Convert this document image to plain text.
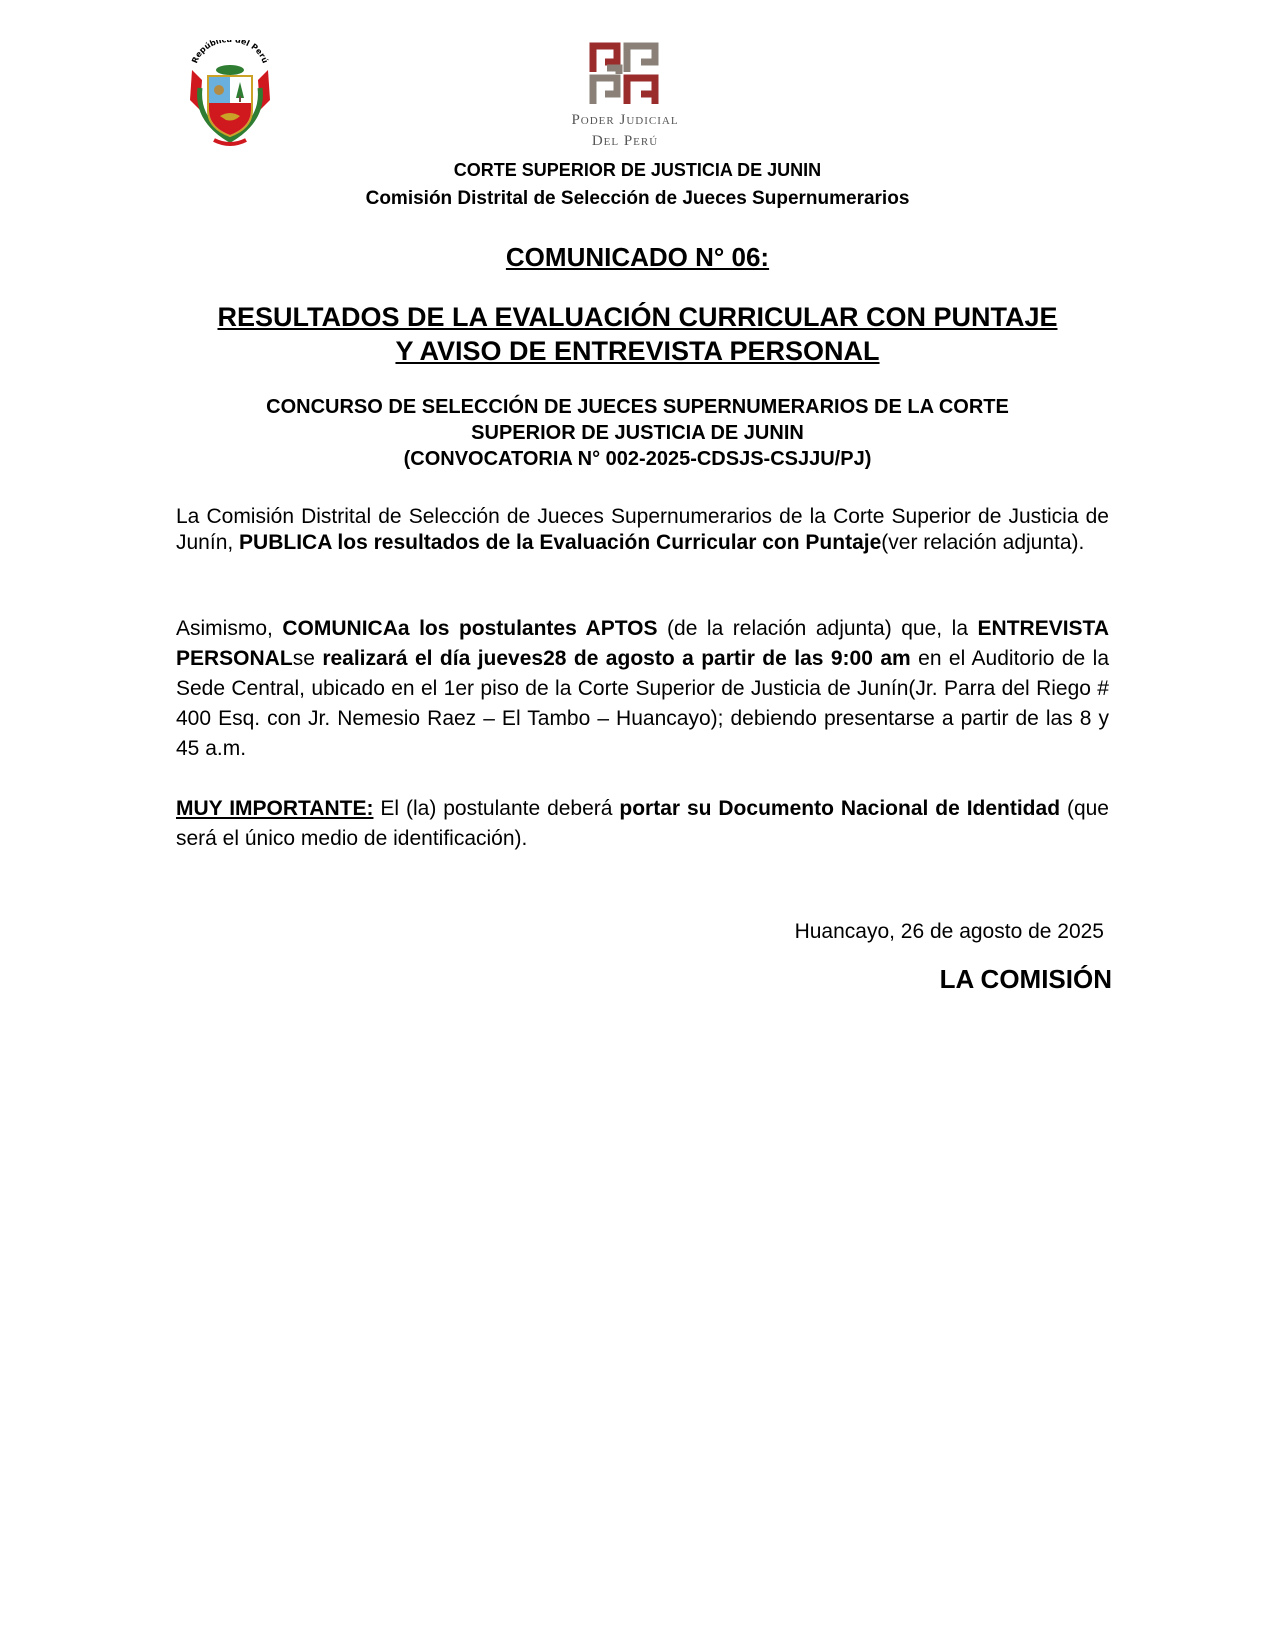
Repúbli del Perú
Poder Judicial
Del Perú
CORTE SUPERIOR DE JUSTICIA DE JUNIN
Comisión Distrital de Selección de Jueces Supernumerarios
COMUNICADO N° 06:
RESULTADOS DE LA EVALUACIÓN CURRICULAR CON PUNTAJE
Y AVISO DE ENTREVISTA PERSONAL
CONCURSO DE SELECCIÓN DE JUECES SUPERNUMERARIOS DE LA CORTE
SUPERIOR DE JUSTICIA DE JUNIN
(CONVOCATORIA N° 002-2025-CDSJS-CSJJU/PJ)
La Comisión Distrital de Selección de Jueces Supernumerarios de la Corte Superior de Justicia de Junín, PUBLICA los resultados de la Evaluación Curricular con Puntaje(ver relación adjunta).
Asimismo, COMUNICAa los postulantes APTOS (de la relación adjunta) que, la ENTREVISTA PERSONALse realizará el día jueves28 de agosto a partir de las 9:00 am en el Auditorio de la Sede Central, ubicado en el 1er piso de la Corte Superior de Justicia de Junín(Jr. Parra del Riego # 400 Esq. con Jr. Nemesio Raez – El Tambo – Huancayo); debiendo presentarse a partir de las 8 y 45 a.m.
MUY IMPORTANTE: El (la) postulante deberá portar su Documento Nacional de Identidad (que será el único medio de identificación).
Huancayo, 26 de agosto de 2025
LA COMISIÓN
